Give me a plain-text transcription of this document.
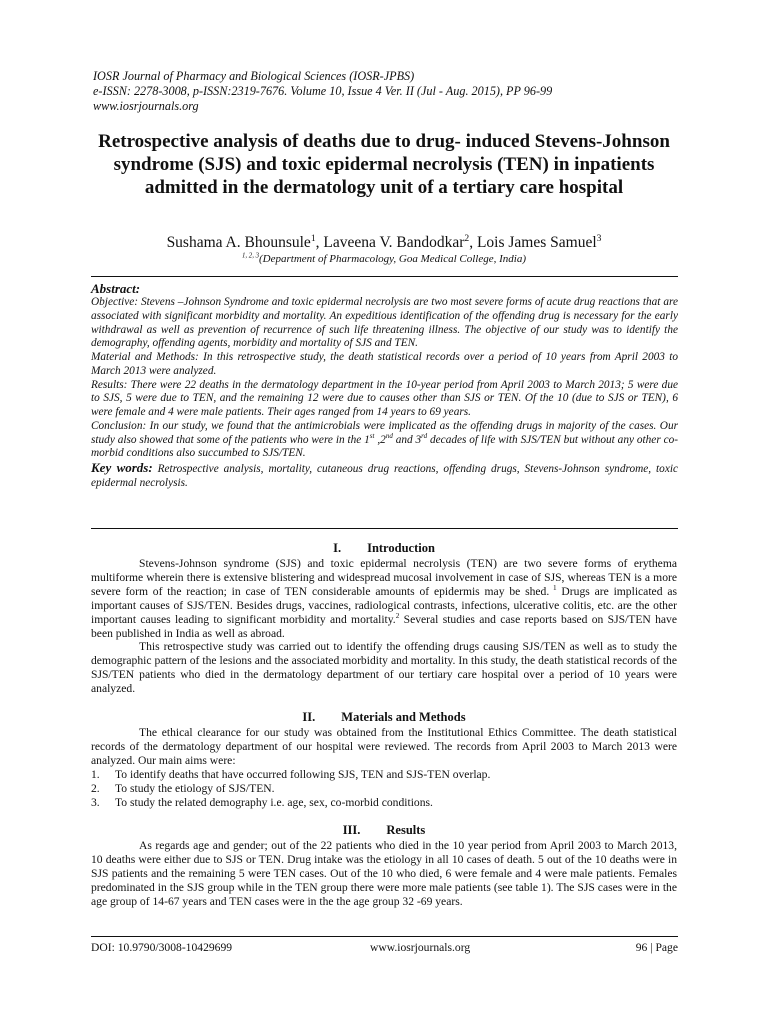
IOSR Journal of Pharmacy and Biological Sciences (IOSR-JPBS)
e-ISSN: 2278-3008, p-ISSN:2319-7676. Volume 10, Issue 4 Ver. II (Jul - Aug. 2015), PP 96-99
www.iosrjournals.org
Retrospective analysis of deaths due to drug- induced Stevens-Johnson syndrome (SJS) and toxic epidermal necrolysis (TEN) in inpatients admitted in the dermatology unit of a tertiary care hospital
Sushama A. Bhounsule$^1$, Laveena V. Bandodkar$^2$, Lois James Samuel$^3$
$^{1, 2, 3}$(Department of Pharmacology, Goa Medical College, India)
Abstract:

Objective: Stevens –Johnson Syndrome and toxic epidermal necrolysis are two most severe forms of acute drug reactions that are associated with significant morbidity and mortality. An expeditious identification of the offending drug is necessary for the early withdrawal as well as prevention of recurrence of such life threatening illness. The objective of our study was to identify the demography, offending agents, morbidity and mortality of SJS and TEN.

Material and Methods: In this retrospective study, the death statistical records over a period of 10 years from April 2003 to March 2013 were analyzed.

Results: There were 22 deaths in the dermatology department in the 10-year period from April 2003 to March 2013; 5 were due to SJS, 5 were due to TEN, and the remaining 12 were due to causes other than SJS or TEN. Of the 10 (due to SJS or TEN), 6 were female and 4 were male patients. Their ages ranged from 14 years to 69 years.

Conclusion: In our study, we found that the antimicrobials were implicated as the offending drugs in majority of the cases. Our study also showed that some of the patients who were in the 1st ,2nd and 3rd decades of life with SJS/TEN but without any other co-morbid conditions also succumbed to SJS/TEN.

Key words: Retrospective analysis, mortality, cutaneous drug reactions, offending drugs, Stevens-Johnson syndrome, toxic epidermal necrolysis.

I. Introduction

Stevens-Johnson syndrome (SJS) and toxic epidermal necrolysis (TEN) are two severe forms of erythema multiforme wherein there is extensive blistering and widespread mucosal involvement in case of SJS, whereas TEN is a more severe form of the reaction; in case of TEN considerable amounts of epidermis may be shed. $^1$ Drugs are implicated as important causes of SJS/TEN. Besides drugs, vaccines, radiological contrasts, infections, ulcerative colitis, etc. are the other important causes leading to significant morbidity and mortality.$^2$ Several studies and case reports based on SJS/TEN have been published in India as well as abroad.

This retrospective study was carried out to identify the offending drugs causing SJS/TEN as well as to study the demographic pattern of the lesions and the associated morbidity and mortality. In this study, the death statistical records of the SJS/TEN patients who died in the dermatology department of our tertiary care hospital over a period of 10 years were analyzed.

II. Materials and Methods

The ethical clearance for our study was obtained from the Institutional Ethics Committee. The death statistical records of the dermatology department of our hospital were reviewed. The records from April 2003 to March 2013 were analyzed. Our main aims were:

1. To identify deaths that have occurred following SJS, TEN and SJS-TEN overlap.
2. To study the etiology of SJS/TEN.
3. To study the related demography i.e. age, sex, co-morbid conditions.
III. Results

As regards age and gender; out of the 22 patients who died in the 10 year period from April 2003 to March 2013, 10 deaths were either due to SJS or TEN. Drug intake was the etiology in all 10 cases of death. 5 out of the 10 deaths were in SJS patients and the remaining 5 were TEN cases. Out of the 10 who died, 6 were female and 4 were male patients. Females predominated in the SJS group while in the TEN group there were more male patients (see table 1). The SJS cases were in the age group of 14-67 years and TEN cases were in the the age group 32 -69 years.

DOI: 10.9790/3008-10429699	www.iosrjournals.org	96 | Page
